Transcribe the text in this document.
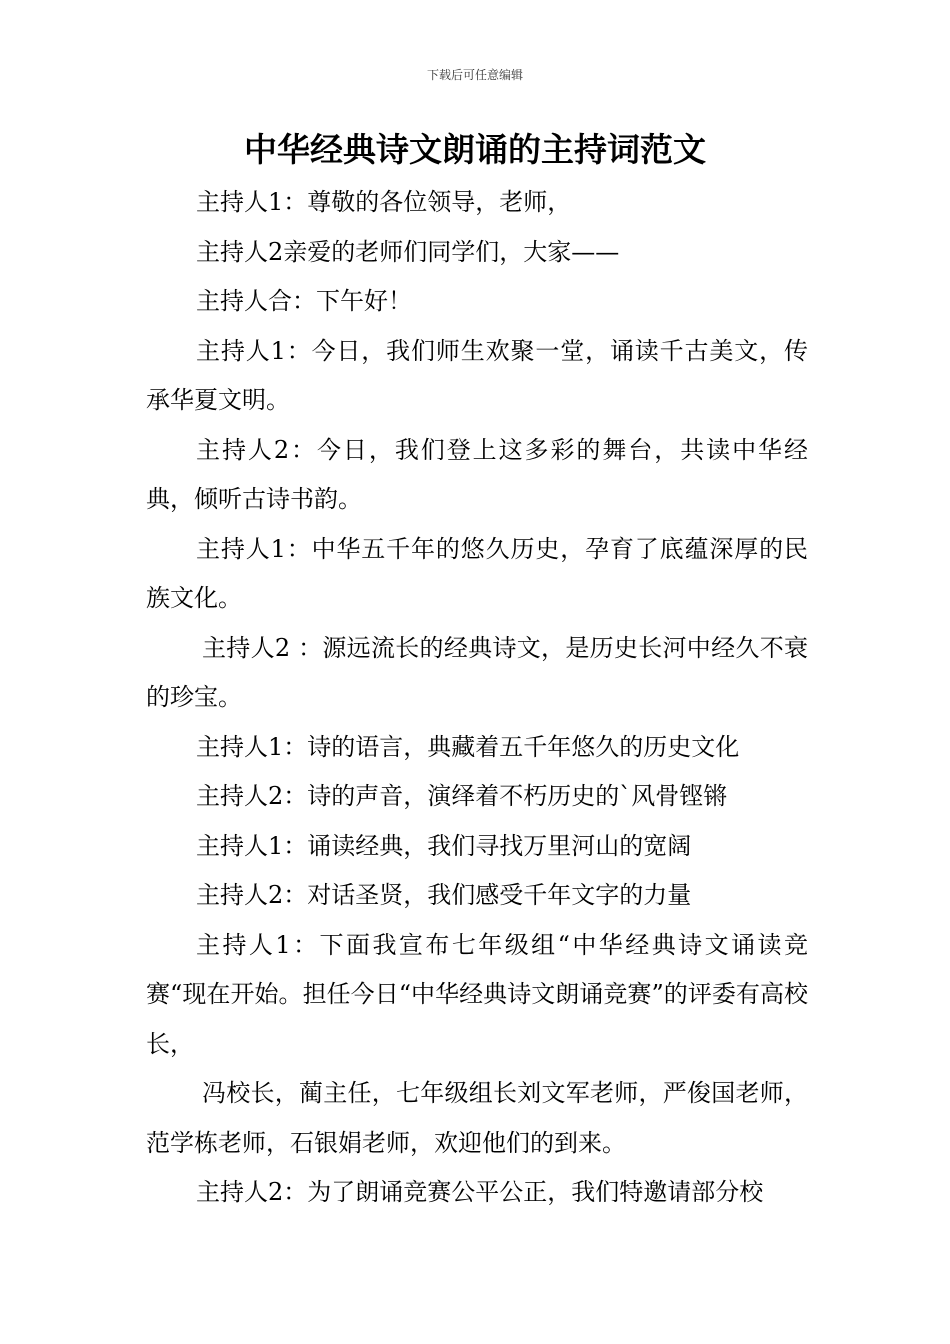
下载后可任意编辑
中华经典诗文朗诵的主持词范文

主持人1：尊敬的各位领导，老师，

主持人2亲爱的老师们同学们，大家——

主持人合：下午好！

主持人1：今日，我们师生欢聚一堂，诵读千古美文，传承华夏文明。

主持人2：今日，我们登上这多彩的舞台，共读中华经典，倾听古诗书韵。

主持人1：中华五千年的悠久历史，孕育了底蕴深厚的民族文化。

主持人2 ：源远流长的经典诗文，是历史长河中经久不衰的珍宝。

主持人1：诗的语言，典藏着五千年悠久的历史文化

主持人2：诗的声音，演绎着不朽历史的`风骨铿锵

主持人1：诵读经典，我们寻找万里河山的宽阔

主持人2：对话圣贤，我们感受千年文字的力量

主持人1：下面我宣布七年级组“中华经典诗文诵读竞赛“现在开始。担任今日“中华经典诗文朗诵竞赛”的评委有高校长，

冯校长，蔺主任，七年级组长刘文军老师，严俊国老师，范学栋老师，石银娟老师，欢迎他们的到来。

主持人2：为了朗诵竞赛公平公正，我们特邀请部分校
